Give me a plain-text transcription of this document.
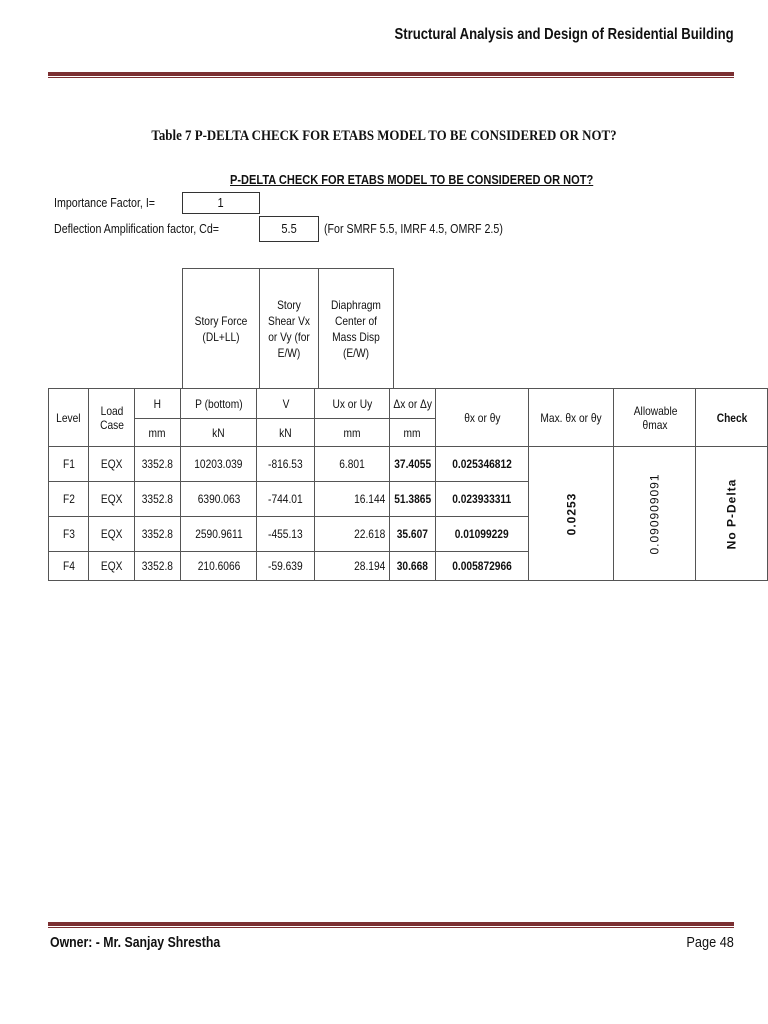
Structural Analysis and Design of Residential Building
Table 7 P-DELTA CHECK FOR ETABS MODEL TO BE CONSIDERED OR NOT?
P-DELTA CHECK FOR ETABS MODEL TO BE CONSIDERED OR NOT?
Importance Factor, I=	1
Deflection Amplification factor, Cd=	5.5	(For SMRF 5.5, IMRF 4.5, OMRF 2.5)
Story Force (DL+LL)
Story Shear Vx or Vy (for E/W)
Diaphragm Center of Mass Disp (E/W)
Level	Load Case	H	P (bottom)	V	Ux or Uy	Δx or Δy	θx or θy	Max. θx or θy	Allowable θmax	Check
		mm	kN	kN	mm	mm				
F1	EQX	3352.8	10203.039	-816.53	6.801	37.4055	0.025346812	0.0253	0.090909091	No P-Delta
F2	EQX	3352.8	6390.063	-744.01	16.144	51.3865	0.023933311			
F3	EQX	3352.8	2590.9611	-455.13	22.618	35.607	0.01099229			
F4	EQX	3352.8	210.6066	-59.639	28.194	30.668	0.005872966			
Owner: - Mr. Sanjay Shrestha	Page 48
